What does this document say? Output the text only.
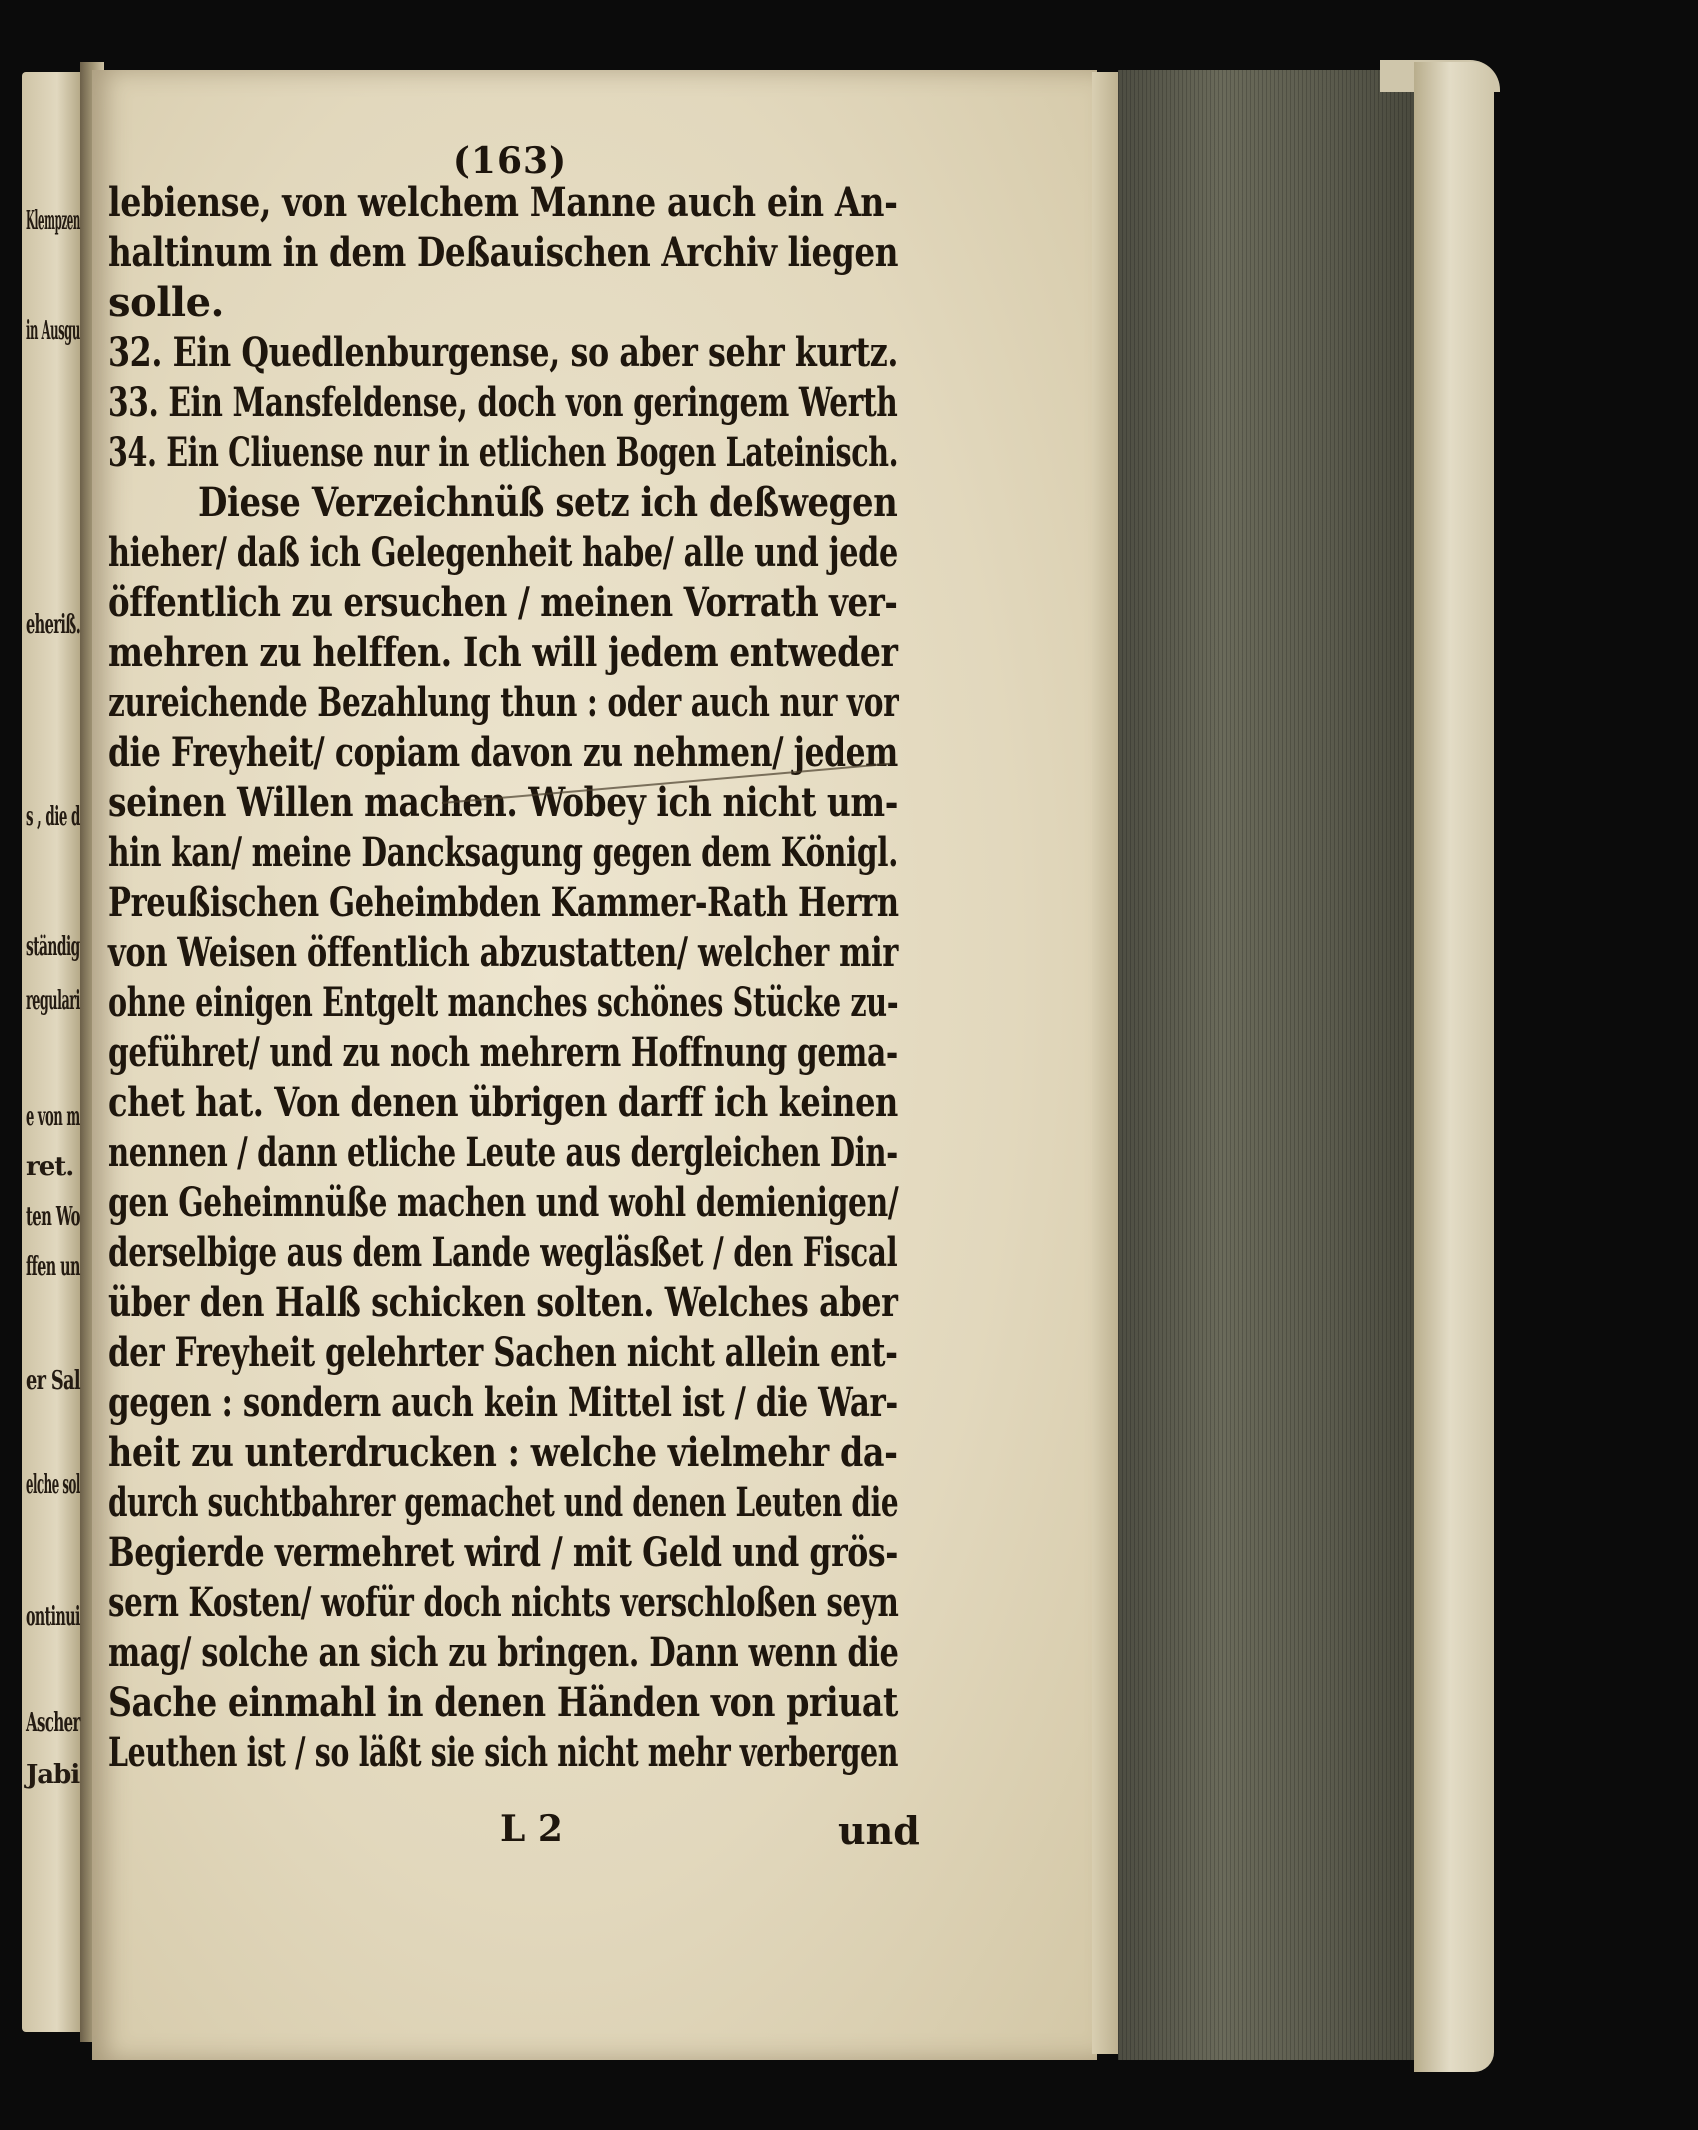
Klempzen
in Ausgu
eheriß.
s , die d
ständig
regulari
e von m
ret.
ten Wo
ffen un
er Sal
elche sol
ontinui
Ascher
Jabi
(163)
lebiense, von welchem Manne auch ein An-
haltinum in dem Deßauischen Archiv liegen
solle.
32. Ein Quedlenburgense, so aber sehr kurtz.
33. Ein Mansfeldense, doch von geringem Werth
34. Ein Cliuense nur in etlichen Bogen Lateinisch.
Diese Verzeichnüß setz ich deßwegen
hieher/ daß ich Gelegenheit habe/ alle und jede
öffentlich zu ersuchen / meinen Vorrath ver-
mehren zu helffen. Ich will jedem entweder
zureichende Bezahlung thun : oder auch nur vor
die Freyheit/ copiam davon zu nehmen/ jedem
seinen Willen machen. Wobey ich nicht um-
hin kan/ meine Dancksagung gegen dem Königl.
Preußischen Geheimbden Kammer-Rath Herrn
von Weisen öffentlich abzustatten/ welcher mir
ohne einigen Entgelt manches schönes Stücke zu-
geführet/ und zu noch mehrern Hoffnung gema-
chet hat. Von denen übrigen darff ich keinen
nennen / dann etliche Leute aus dergleichen Din-
gen Geheimnüße machen und wohl demienigen/
derselbige aus dem Lande wegläsßet / den Fiscal
über den Halß schicken solten. Welches aber
der Freyheit gelehrter Sachen nicht allein ent-
gegen : sondern auch kein Mittel ist / die War-
heit zu unterdrucken : welche vielmehr da-
durch suchtbahrer gemachet und denen Leuten die
Begierde vermehret wird / mit Geld und grös-
sern Kosten/ wofür doch nichts verschloßen seyn
mag/ solche an sich zu bringen. Dann wenn die
Sache einmahl in denen Händen von priuat
Leuthen ist / so läßt sie sich nicht mehr verbergen
L 2	und
